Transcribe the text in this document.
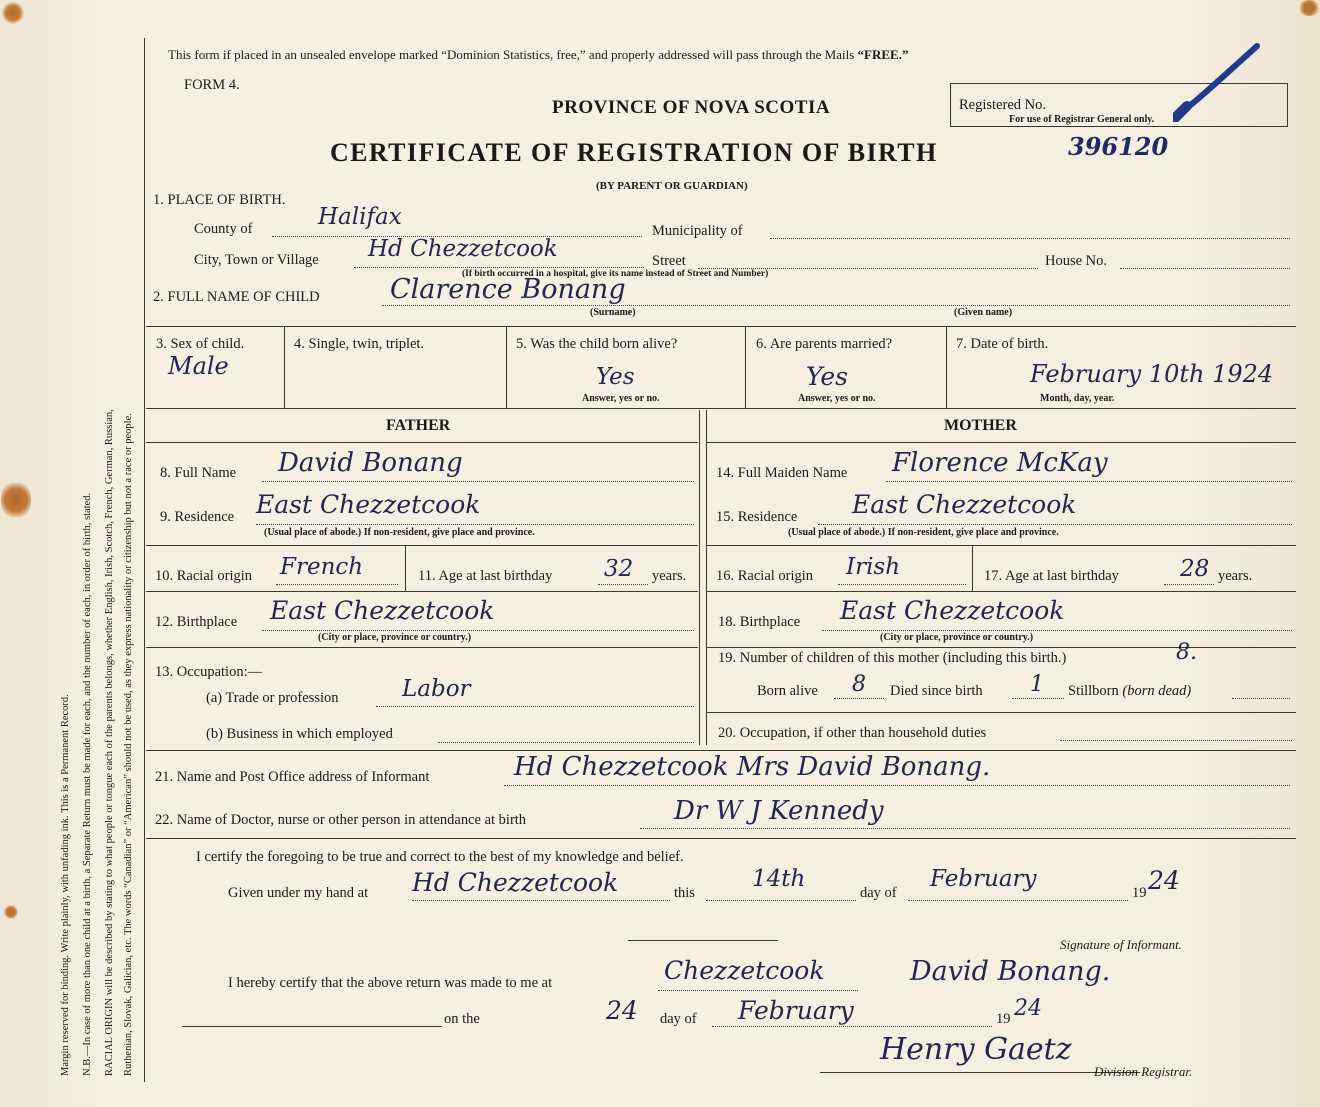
Margin reserved for binding. Write plainly, with unfading ink. This is a Permanent Record. N.B.—In case of more than one child at a birth, a Separate Return must be made for each, and the number of each, in order of birth, stated. RACIAL ORIGIN will be described by stating to what people or tongue each of the parents belongs, whether English, Irish, Scotch, French, German, Russian, Ruthenian, Slovak, Galician, etc. The words “Canadian” or “American” should not be used, as they express nationality or citizenship but not a race or people.
This form if placed in an unsealed envelope marked “Dominion Statistics, free,” and properly addressed will pass through the Mails “FREE.”
FORM 4.
PROVINCE OF NOVA SCOTIA
CERTIFICATE OF REGISTRATION OF BIRTH
(BY PARENT OR GUARDIAN)
396120
Registered No.
For use of Registrar General only.
1. PLACE OF BIRTH.
County of	Halifax
Municipality of
City, Town or Village Hd Chezzetcook	Street	House No.
(If birth occurred in a hospital, give its name instead of Street and Number)
2. FULL NAME OF CHILD	Clarence Bonang
(Surname)	(Given name)
3. Sex of child.
Male
4. Single, twin, triplet.	5. Was the child born alive?
Yes
Answer, yes or no.
6. Are parents married?
Yes
Answer, yes or no.
7. Date of birth.
February 10th 1924
Month, day, year.
FATHER	MOTHER
8. Full Name David Bonang	14. Full Maiden Name Florence McKay
9. Residence East Chezzetcook
(Usual place of abode.) If non-resident, give place and province.
15. Residence East Chezzetcook
(Usual place of abode.) If non-resident, give place and province.
10. Racial origin French	11. Age at last birthday 32 years. 16. Racial origin Irish	17. Age at last birthday	28 years.
12. Birthplace East Chezzetcook
(City or place, province or country.)
18. Birthplace East Chezzetcook
(City or place, province or country.)
13. Occupation:—
(a) Trade or profession	Labor
(b) Business in which employed
19. Number of children of this mother (including this birth.)	8.
Born alive 8 Died since birth 1 Stillborn (born dead)
20. Occupation, if other than household duties
21. Name and Post Office address of Informant	Hd Chezzetcook Mrs David Bonang.
22. Name of Doctor, nurse or other person in attendance at birth	Dr W J Kennedy
I certify the foregoing to be true and correct to the best of my knowledge and belief.
Given under my hand at Hd Chezzetcook	this
14th
day of
February
19 24
Signature of Informant.
I hereby certify that the above return was made to me at	Chezzetcook	David Bonang.
on the	24 day of February	19 24
Henry Gaetz
Division Registrar.
